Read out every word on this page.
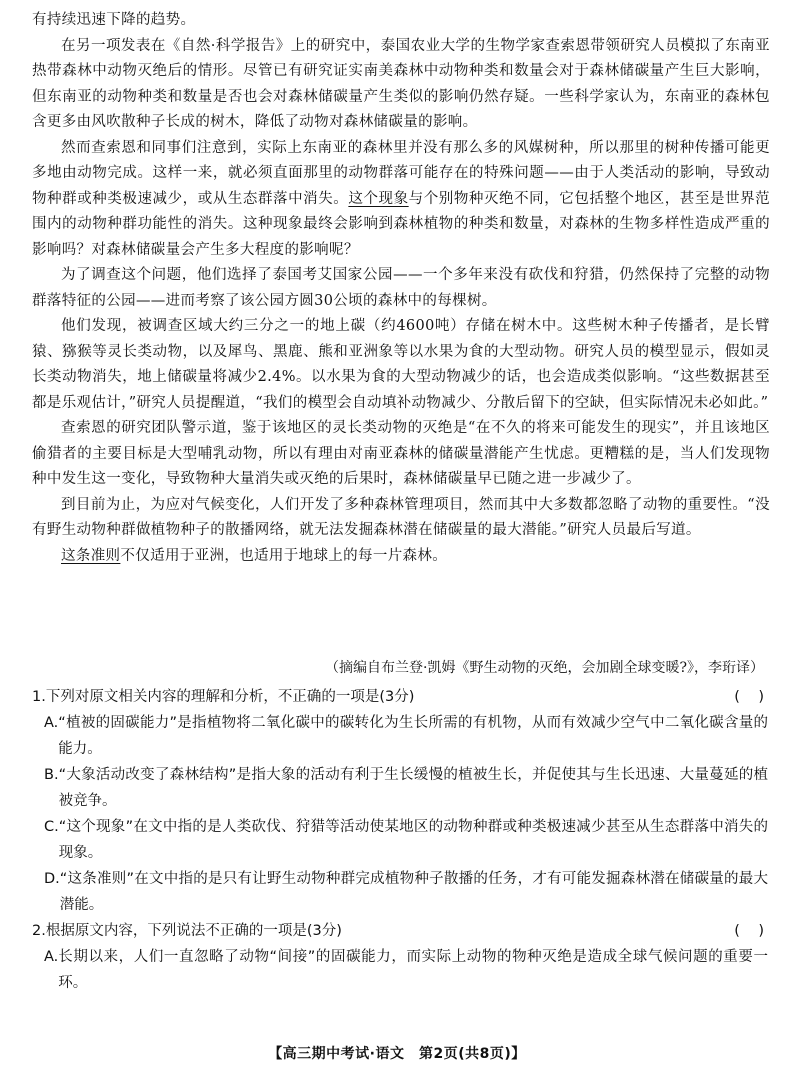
有持续迅速下降的趋势。

在另一项发表在《自然·科学报告》上的研究中，泰国农业大学的生物学家查索恩带领研究人员模拟了东南亚热带森林中动物灭绝后的情形。尽管已有研究证实南美森林中动物种类和数量会对于森林储碳量产生巨大影响，但东南亚的动物种类和数量是否也会对森林储碳量产生类似的影响仍然存疑。一些科学家认为，东南亚的森林包含更多由风吹散种子长成的树木，降低了动物对森林储碳量的影响。

然而查索恩和同事们注意到，实际上东南亚的森林里并没有那么多的风媒树种，所以那里的树种传播可能更多地由动物完成。这样一来，就必须直面那里的动物群落可能存在的特殊问题——由于人类活动的影响，导致动物种群或种类极速减少，或从生态群落中消失。这个现象与个别物种灭绝不同，它包括整个地区，甚至是世界范围内的动物种群功能性的消失。这种现象最终会影响到森林植物的种类和数量，对森林的生物多样性造成严重的影响吗？对森林储碳量会产生多大程度的影响呢？

为了调查这个问题，他们选择了泰国考艾国家公园——一个多年来没有砍伐和狩猎，仍然保持了完整的动物群落特征的公园——进而考察了该公园方圆30公顷的森林中的每棵树。

他们发现，被调查区域大约三分之一的地上碳（约4600吨）存储在树木中。这些树木种子传播者，是长臂猿、猕猴等灵长类动物，以及犀鸟、黑鹿、熊和亚洲象等以水果为食的大型动物。研究人员的模型显示，假如灵长类动物消失，地上储碳量将减少2.4%。以水果为食的大型动物减少的话，也会造成类似影响。“这些数据甚至都是乐观估计，”研究人员提醒道，“我们的模型会自动填补动物减少、分散后留下的空缺，但实际情况未必如此。”

查索恩的研究团队警示道，鉴于该地区的灵长类动物的灭绝是“在不久的将来可能发生的现实”，并且该地区偷猎者的主要目标是大型哺乳动物，所以有理由对南亚森林的储碳量潜能产生忧虑。更糟糕的是，当人们发现物种中发生这一变化，导致物种大量消失或灭绝的后果时，森林储碳量早已随之进一步减少了。

到目前为止，为应对气候变化，人们开发了多种森林管理项目，然而其中大多数都忽略了动物的重要性。“没有野生动物种群做植物种子的散播网络，就无法发掘森林潜在储碳量的最大潜能。”研究人员最后写道。

这条准则不仅适用于亚洲，也适用于地球上的每一片森林。

（摘编自布兰登·凯姆《野生动物的灭绝，会加剧全球变暖?》，李珩译）
1.下列对原文相关内容的理解和分析，不正确的一项是(3分)	(    )
A. “植被的固碳能力”是指植物将二氧化碳中的碳转化为生长所需的有机物，从而有效减少空气中二氧化碳含量的能力。
B. “大象活动改变了森林结构”是指大象的活动有利于生长缓慢的植被生长，并促使其与生长迅速、大量蔓延的植被竞争。
C. “这个现象”在文中指的是人类砍伐、狩猎等活动使某地区的动物种群或种类极速减少甚至从生态群落中消失的现象。
D. “这条准则”在文中指的是只有让野生动物种群完成植物种子散播的任务，才有可能发掘森林潜在储碳量的最大潜能。
2.根据原文内容，下列说法不正确的一项是(3分)	(    )
A. 长期以来，人们一直忽略了动物“间接”的固碳能力，而实际上动物的物种灭绝是造成全球气候问题的重要一环。
【高三期中考试·语文　第2页(共8页)】
